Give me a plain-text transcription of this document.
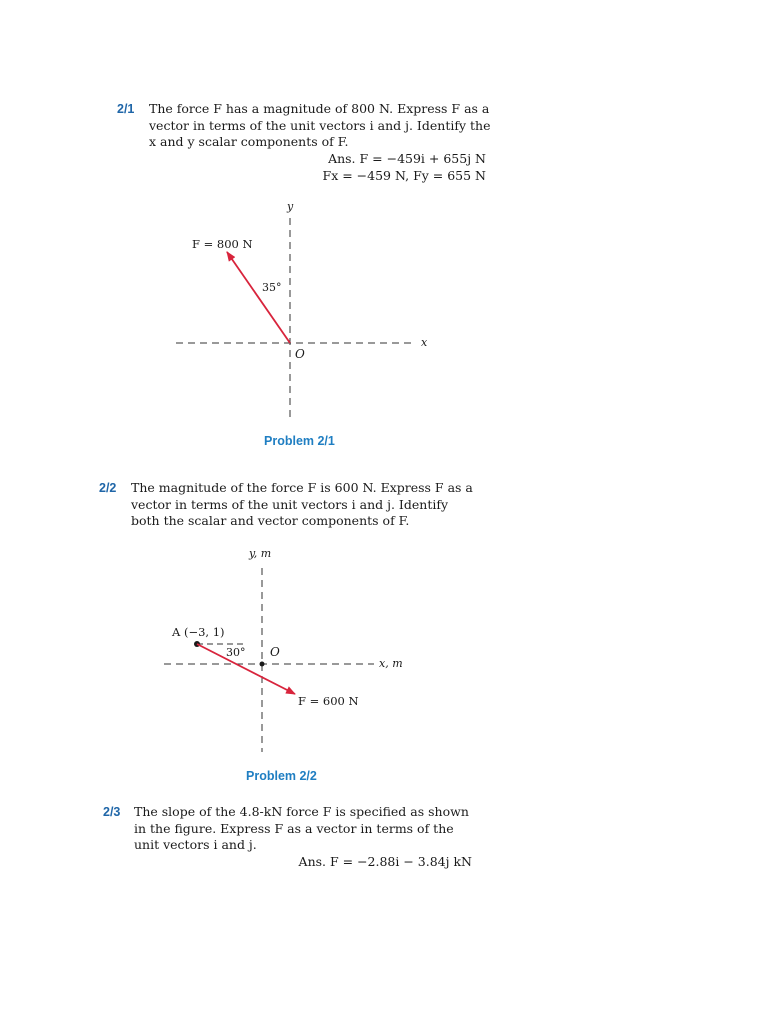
2/1 The force F has a magnitude of 800 N. Express F as a
vector in terms of the unit vectors i and j. Identify the
x and y scalar components of F.
Ans. F = −459i + 655j N
Fx = −459 N, Fy = 655 N
y
x
O
F = 800 N
35°
y, m
x, m
O
A (−3, 1)
30°
F = 600 N
Problem 2/1
2/2 The magnitude of the force F is 600 N. Express F as a
vector in terms of the unit vectors i and j. Identify
both the scalar and vector components of F.
Problem 2/2
2/3 The slope of the 4.8-kN force F is specified as shown
in the figure. Express F as a vector in terms of the
unit vectors i and j.
Ans. F = −2.88i − 3.84j kN
